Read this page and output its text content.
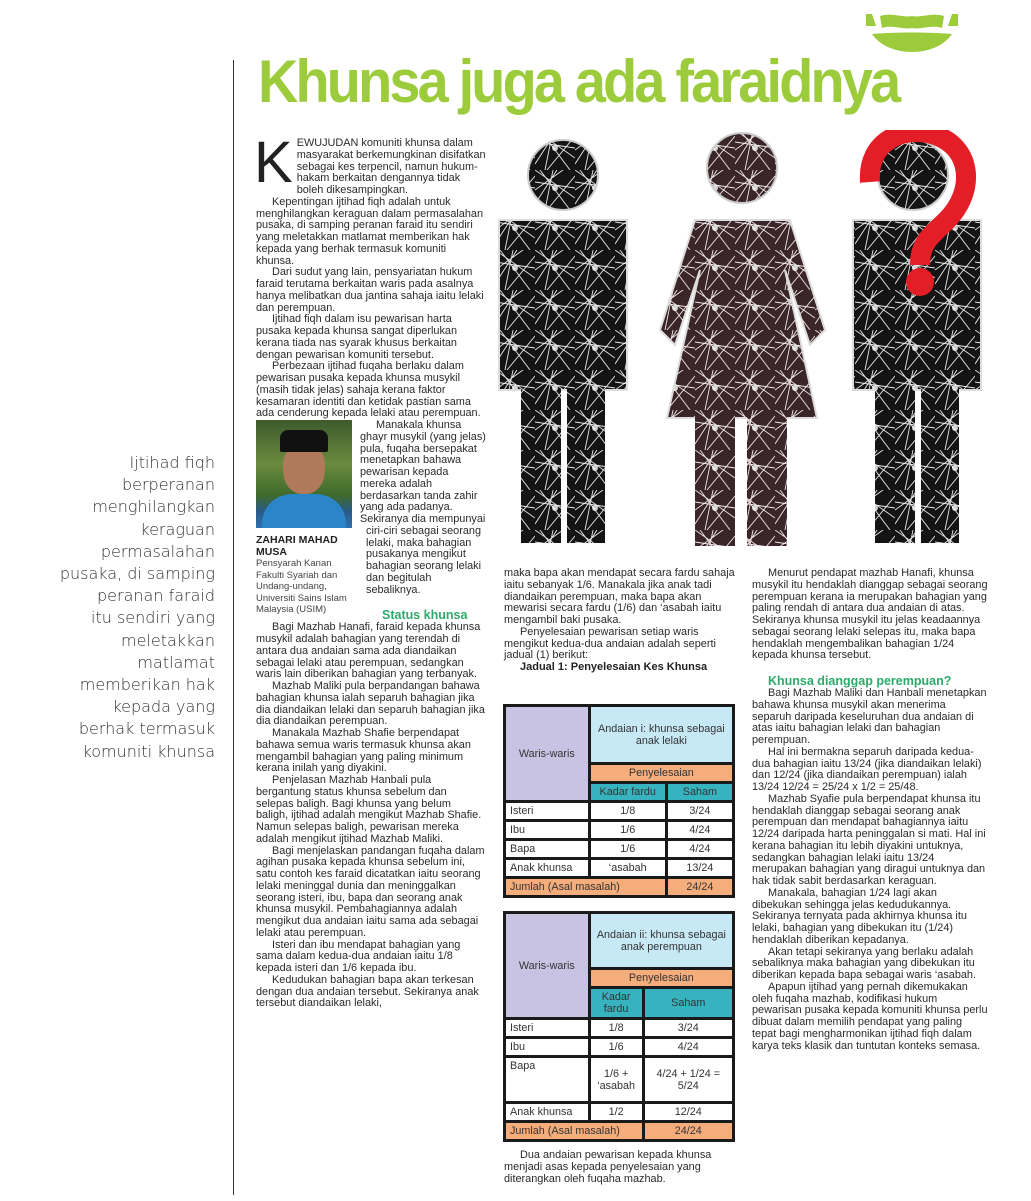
Khunsa juga ada faraidnya
Ijtihad fiqh
berperanan
menghilangkan
keraguan
permasalahan
pusaka, di samping
peranan faraid
itu sendiri yang
meletakkan
matlamat
memberikan hak
kepada yang
berhak termasuk
komuniti khunsa

KEWUJUDAN komuniti khunsa dalam masyarakat berkemungkinan disifatkan sebagai kes terpencil, namun hukum-hakam berkaitan dengannya tidak boleh dikesampingkan.

Kepentingan ijtihad fiqh adalah untuk menghilangkan keraguan dalam permasalahan pusaka, di samping peranan faraid itu sendiri yang meletakkan matlamat memberikan hak kepada yang berhak termasuk komuniti khunsa.

Dari sudut yang lain, pensyariatan hukum faraid terutama berkaitan waris pada asalnya hanya melibatkan dua jantina sahaja iaitu lelaki dan perempuan.

Ijtihad fiqh dalam isu pewarisan harta pusaka kepada khunsa sangat diperlukan kerana tiada nas syarak khusus berkaitan dengan pewarisan komuniti tersebut.

Perbezaan ijtihad fuqaha berlaku dalam pewarisan pusaka kepada khunsa musykil (masih tidak jelas) sahaja kerana faktor kesamaran identiti dan ketidak pastian sama ada cenderung kepada lelaki atau perempuan.

ZAHARI MAHAD
MUSA
Pensyarah Kanan Fakulti Syariah dan Undang-undang, Universiti Sains Islam Malaysia (USIM)

Manakala khunsa ghayr musykil (yang jelas) pula, fuqaha bersepakat menetapkan bahawa pewarisan kepada mereka adalah berdasarkan tanda zahir yang ada padanya. Sekiranya dia mempunyai ciri-ciri sebagai seorang lelaki, maka bahagian pusakanya mengikut bahagian seorang lelaki dan begitulah sebaliknya.

Status khunsa

Bagi Mazhab Hanafi, faraid kepada khunsa musykil adalah bahagian yang terendah di antara dua andaian sama ada diandaikan sebagai lelaki atau perempuan, sedangkan waris lain diberikan bahagian yang terbanyak.

Mazhab Maliki pula berpandangan bahawa bahagian khunsa ialah separuh bahagian jika dia diandaikan lelaki dan separuh bahagian jika dia diandaikan perempuan.

Manakala Mazhab Shafie berpendapat bahawa semua waris termasuk khunsa akan mengambil bahagian yang paling minimum kerana inilah yang diyakini.

Penjelasan Mazhab Hanbali pula bergantung status khunsa sebelum dan selepas baligh. Bagi khunsa yang belum baligh, ijtihad adalah mengikut Mazhab Shafie. Namun selepas baligh, pewarisan mereka adalah mengikut ijtihad Mazhab Maliki.

Bagi menjelaskan pandangan fuqaha dalam agihan pusaka kepada khunsa sebelum ini, satu contoh kes faraid dicatatkan iaitu seorang lelaki meninggal dunia dan meninggalkan seorang isteri, ibu, bapa dan seorang anak khunsa musykil. Pembahagiannya adalah mengikut dua andaian iaitu sama ada sebagai lelaki atau perempuan.

Isteri dan ibu mendapat bahagian yang sama dalam kedua-dua andaian iaitu 1/8 kepada isteri dan 1/6 kepada ibu.

Kedudukan bahagian bapa akan terkesan dengan dua andaian tersebut. Sekiranya anak tersebut diandaikan lelaki,

maka bapa akan mendapat secara fardu sahaja iaitu sebanyak 1/6. Manakala jika anak tadi diandaikan perempuan, maka bapa akan mewarisi secara fardu (1/6) dan ‘asabah iaitu mengambil baki pusaka.

Penyelesaian pewarisan setiap waris mengikut kedua-dua andaian adalah seperti jadual (1) berikut:

Jadual 1: Penyelesaian Kes Khunsa

Waris-waris	Andaian i: khunsa sebagai anak lelaki	
	Penyelesaian	
	Kadar fardu	Saham
Isteri	1/8	3/24
Ibu	1/6	4/24
Bapa	1/6	4/24
Anak khunsa	‘asabah	13/24
Jumlah (Asal masalah)		24/24
Waris-waris	Andaian ii: khunsa sebagai anak perempuan	
	Penyelesaian	
	Kadar fardu	Saham
Isteri	1/8	3/24
Ibu	1/6	4/24
Bapa	1/6 + ‘asabah	4/24 + 1/24 = 5/24
Anak khunsa	1/2	12/24
Jumlah (Asal masalah)		24/24

Dua andaian pewarisan kepada khunsa menjadi asas kepada penyelesaian yang diterangkan oleh fuqaha mazhab.

Menurut pendapat mazhab Hanafi, khunsa musykil itu hendaklah dianggap sebagai seorang perempuan kerana ia merupakan bahagian yang paling rendah di antara dua andaian di atas. Sekiranya khunsa musykil itu jelas keadaannya sebagai seorang lelaki selepas itu, maka bapa hendaklah mengembalikan bahagian 1/24 kepada khunsa tersebut.

Khunsa dianggap perempuan?

Bagi Mazhab Maliki dan Hanbali menetapkan bahawa khunsa musykil akan menerima separuh daripada keseluruhan dua andaian di atas iaitu bahagian lelaki dan bahagian perempuan.

Hal ini bermakna separuh daripada kedua-dua bahagian iaitu 13/24 (jika diandaikan lelaki) dan 12/24 (jika diandaikan perempuan) ialah 13/24 12/24 = 25/24 x 1/2 = 25/48.

Mazhab Syafie pula berpendapat khunsa itu hendaklah dianggap sebagai seorang anak perempuan dan mendapat bahagiannya iaitu 12/24 daripada harta peninggalan si mati. Hal ini kerana bahagian itu lebih diyakini untuknya, sedangkan bahagian lelaki iaitu 13/24 merupakan bahagian yang diragui untuknya dan hak tidak sabit berdasarkan keraguan.

Manakala, bahagian 1/24 lagi akan dibekukan sehingga jelas kedudukannya. Sekiranya ternyata pada akhirnya khunsa itu lelaki, bahagian yang dibekukan itu (1/24) hendaklah diberikan kepadanya.

Akan tetapi sekiranya yang berlaku adalah sebaliknya maka bahagian yang dibekukan itu diberikan kepada bapa sebagai waris ‘asabah.

Apapun ijtihad yang pernah dikemukakan oleh fuqaha mazhab, kodifikasi hukum pewarisan pusaka kepada komuniti khunsa perlu dibuat dalam memilih pendapat yang paling tepat bagi mengharmonikan ijtihad fiqh dalam karya teks klasik dan tuntutan konteks semasa.
